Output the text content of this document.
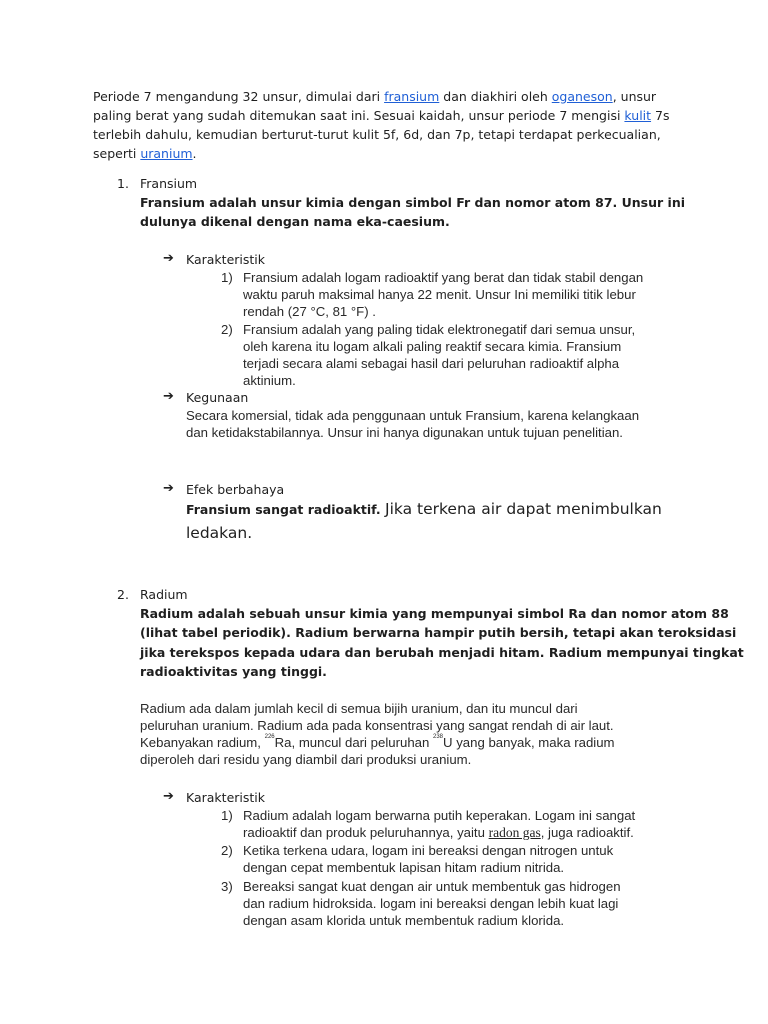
Periode 7 mengandung 32 unsur, dimulai dari fransium dan diakhiri oleh oganeson, unsur
paling berat yang sudah ditemukan saat ini. Sesuai kaidah, unsur periode 7 mengisi kulit 7s
terlebih dahulu, kemudian berturut-turut kulit 5f, 6d, dan 7p, tetapi terdapat perkecualian,
seperti uranium.
1. Fransium
Fransium adalah unsur kimia dengan simbol Fr dan nomor atom 87. Unsur ini
dulunya dikenal dengan nama eka-caesium.
➔ Karakteristik
1) Fransium adalah logam radioaktif yang berat dan tidak stabil dengan
waktu paruh maksimal hanya 22 menit. Unsur Ini memiliki titik lebur
rendah (27 °C, 81 °F) .
2) Fransium adalah yang paling tidak elektronegatif dari semua unsur,
oleh karena itu logam alkali paling reaktif secara kimia. Fransium
terjadi secara alami sebagai hasil dari peluruhan radioaktif alpha
aktinium.
➔ Kegunaan
Secara komersial, tidak ada penggunaan untuk Fransium, karena kelangkaan
dan ketidakstabilannya. Unsur ini hanya digunakan untuk tujuan penelitian.
➔ Efek berbahaya
Fransium sangat radioaktif. Jika terkena air dapat menimbulkan
ledakan.
2. Radium
Radium adalah sebuah unsur kimia yang mempunyai simbol Ra dan nomor atom 88
(lihat tabel periodik). Radium berwarna hampir putih bersih, tetapi akan teroksidasi
jika terekspos kepada udara dan berubah menjadi hitam. Radium mempunyai tingkat
radioaktivitas yang tinggi.
Radium ada dalam jumlah kecil di semua bijih uranium, dan itu muncul dari
peluruhan uranium. Radium ada pada konsentrasi yang sangat rendah di air laut.
Kebanyakan radium, $^{226}$Ra, muncul dari peluruhan $^{238}$U yang banyak, maka radium
diperoleh dari residu yang diambil dari produksi uranium.
➔ Karakteristik
1) Radium adalah logam berwarna putih keperakan. Logam ini sangat
radioaktif dan produk peluruhannya, yaitu radon gas, juga radioaktif.
2) Ketika terkena udara, logam ini bereaksi dengan nitrogen untuk
dengan cepat membentuk lapisan hitam radium nitrida.
3) Bereaksi sangat kuat dengan air untuk membentuk gas hidrogen
dan radium hidroksida. logam ini bereaksi dengan lebih kuat lagi
dengan asam klorida untuk membentuk radium klorida.
